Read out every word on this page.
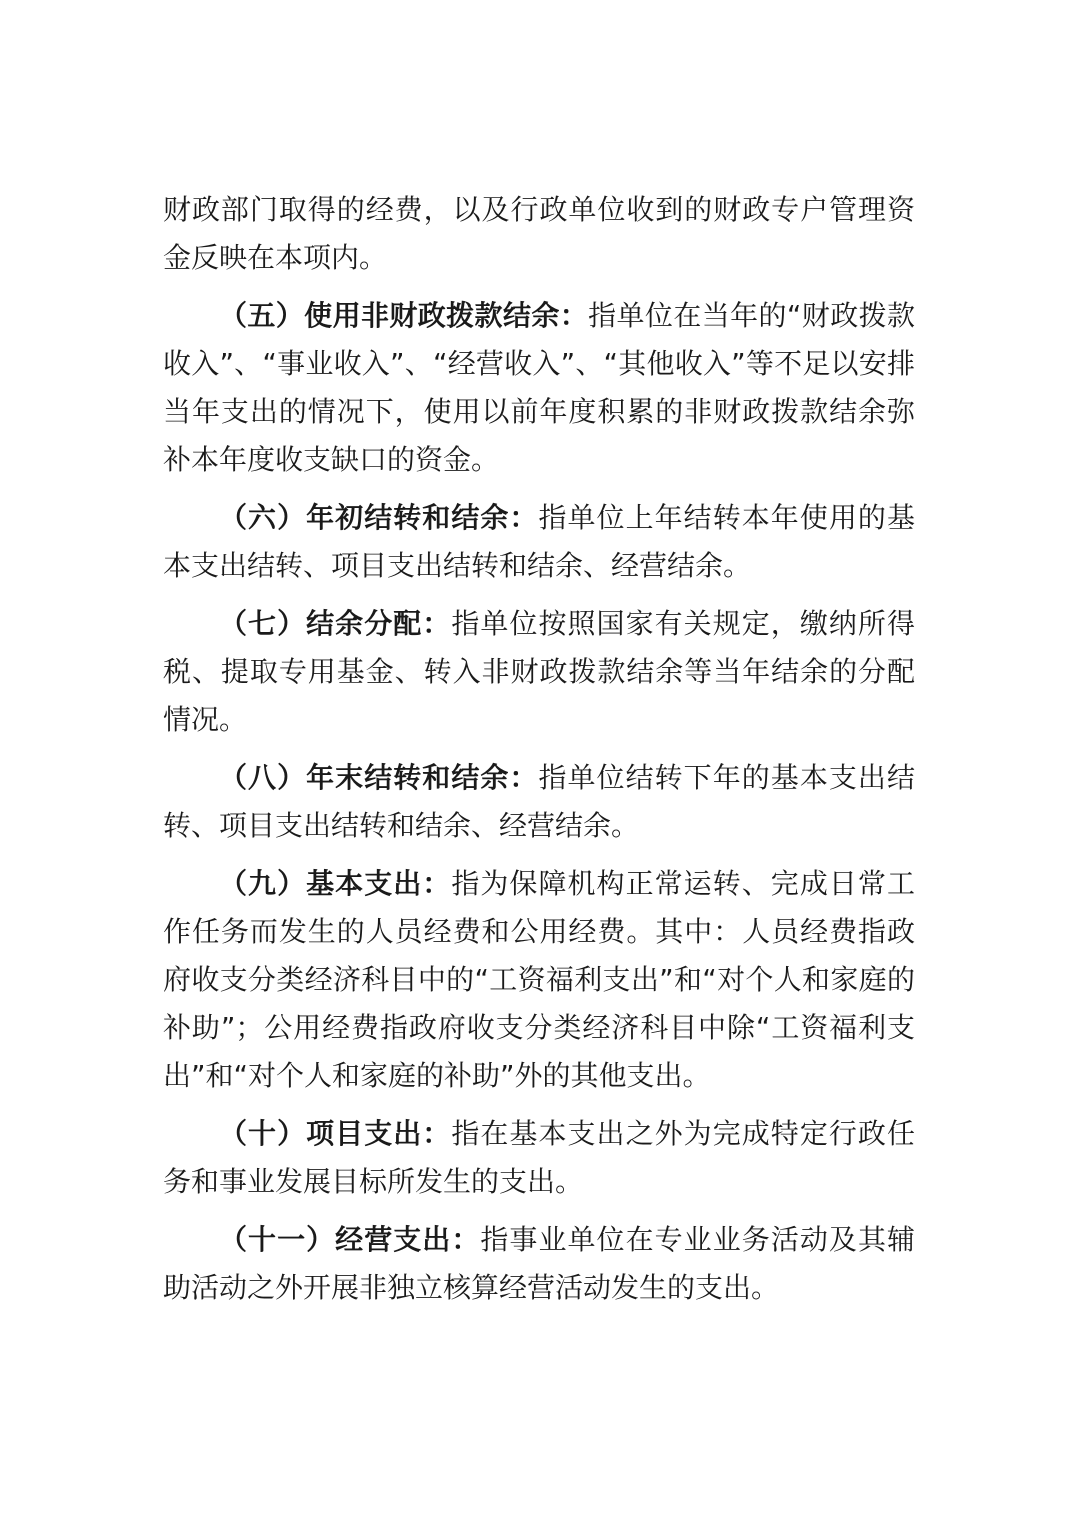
财政部门取得的经费，以及行政单位收到的财政专户管理资金反映在本项内。

（五）使用非财政拨款结余：指单位在当年的“财政拨款收入”、“事业收入”、“经营收入”、“其他收入”等不足以安排当年支出的情况下，使用以前年度积累的非财政拨款结余弥补本年度收支缺口的资金。

（六）年初结转和结余：指单位上年结转本年使用的基本支出结转、项目支出结转和结余、经营结余。

（七）结余分配：指单位按照国家有关规定，缴纳所得税、提取专用基金、转入非财政拨款结余等当年结余的分配情况。

（八）年末结转和结余：指单位结转下年的基本支出结转、项目支出结转和结余、经营结余。

（九）基本支出：指为保障机构正常运转、完成日常工作任务而发生的人员经费和公用经费。其中：人员经费指政府收支分类经济科目中的“工资福利支出”和“对个人和家庭的补助”；公用经费指政府收支分类经济科目中除“工资福利支出”和“对个人和家庭的补助”外的其他支出。

（十）项目支出：指在基本支出之外为完成特定行政任务和事业发展目标所发生的支出。

（十一）经营支出：指事业单位在专业业务活动及其辅助活动之外开展非独立核算经营活动发生的支出。
